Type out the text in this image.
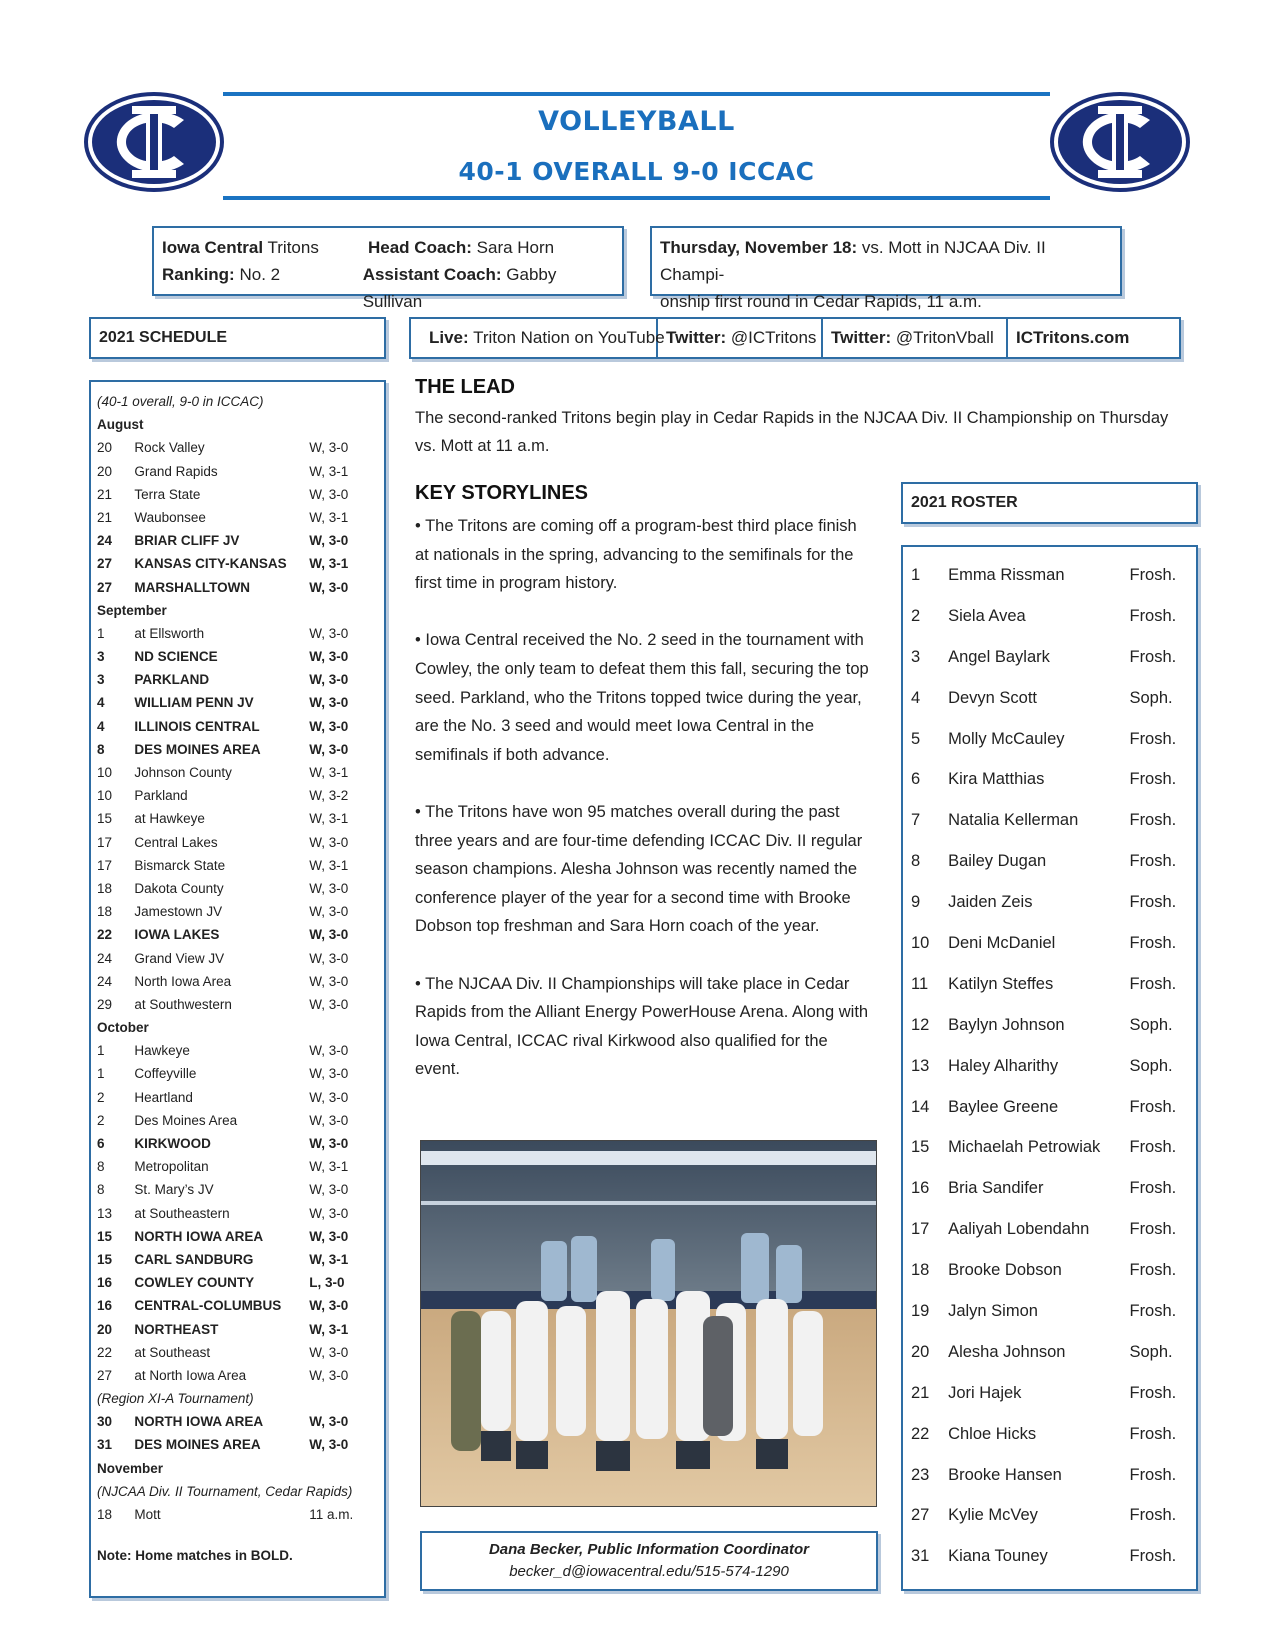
VOLLEYBALL
40-1 OVERALL 9-0 ICCAC
Iowa Central Tritons	Head Coach: Sara Horn
Ranking: No. 2	Assistant Coach: Gabby Sullivan
Thursday, November 18: vs. Mott in NJCAA Div. II Champi-
onship first round in Cedar Rapids, 11 a.m.
2021 SCHEDULE	Live: Triton Nation on YouTube Twitter: @ICTritons Twitter: @TritonVball	ICTritons.com
(40-1 overall, 9-0 in ICCAC)
August
20	Rock Valley	W, 3-0
20	Grand Rapids	W, 3-1
21	Terra State	W, 3-0
21	Waubonsee	W, 3-1
24	BRIAR CLIFF JV	W, 3-0
27	KANSAS CITY-KANSAS	W, 3-1
27	MARSHALLTOWN	W, 3-0
September
1	at Ellsworth	W, 3-0
3	ND SCIENCE	W, 3-0
3	PARKLAND	W, 3-0
4	WILLIAM PENN JV	W, 3-0
4	ILLINOIS CENTRAL	W, 3-0
8	DES MOINES AREA	W, 3-0
10	Johnson County	W, 3-1
10	Parkland	W, 3-2
15	at Hawkeye	W, 3-1
17	Central Lakes	W, 3-0
17	Bismarck State	W, 3-1
18	Dakota County	W, 3-0
18	Jamestown JV	W, 3-0
22	IOWA LAKES	W, 3-0
24	Grand View JV	W, 3-0
24	North Iowa Area	W, 3-0
29	at Southwestern	W, 3-0
October
1	Hawkeye	W, 3-0
1	Coffeyville	W, 3-0
2	Heartland	W, 3-0
2	Des Moines Area	W, 3-0
6	KIRKWOOD	W, 3-0
8	Metropolitan	W, 3-1
8	St. Mary’s JV	W, 3-0
13	at Southeastern	W, 3-0
15	NORTH IOWA AREA	W, 3-0
15	CARL SANDBURG	W, 3-1
16	COWLEY COUNTY	L, 3-0
16	CENTRAL-COLUMBUS	W, 3-0
20	NORTHEAST	W, 3-1
22	at Southeast	W, 3-0
27	at North Iowa Area	W, 3-0
(Region XI-A Tournament)
30	NORTH IOWA AREA	W, 3-0
31	DES MOINES AREA	W, 3-0
November
(NJCAA Div. II Tournament, Cedar Rapids)
18	Mott	11 a.m.
Note: Home matches in BOLD.
THE LEAD
The second-ranked Tritons begin play in Cedar Rapids in the NJCAA Div. II Championship on Thursday vs. Mott at 11 a.m.
KEY STORYLINES

• The Tritons are coming off a program-best third place finish at nationals in the spring, advancing to the semifinals for the first time in program history.

• Iowa Central received the No. 2 seed in the tournament with Cowley, the only team to defeat them this fall, securing the top seed. Parkland, who the Tritons topped twice during the year, are the No. 3 seed and would meet Iowa Central in the semifinals if both advance.

• The Tritons have won 95 matches overall during the past three years and are four-time defending ICCAC Div. II regular season champions. Alesha Johnson was recently named the conference player of the year for a second time with Brooke Dobson top freshman and Sara Horn coach of the year.

• The NJCAA Div. II Championships will take place in Cedar Rapids from the Alliant Energy PowerHouse Arena. Along with Iowa Central, ICCAC rival Kirkwood also qualified for the event.

Dana Becker, Public Information Coordinator
becker_d@iowacentral.edu/515-574-1290
2021 ROSTER
1	Emma Rissman	Frosh.
2	Siela Avea	Frosh.
3	Angel Baylark	Frosh.
4	Devyn Scott	Soph.
5	Molly McCauley	Frosh.
6	Kira Matthias	Frosh.
7	Natalia Kellerman	Frosh.
8	Bailey Dugan	Frosh.
9	Jaiden Zeis	Frosh.
10	Deni McDaniel	Frosh.
11	Katilyn Steffes	Frosh.
12	Baylyn Johnson	Soph.
13	Haley Alharithy	Soph.
14	Baylee Greene	Frosh.
15	Michaelah Petrowiak	Frosh.
16	Bria Sandifer	Frosh.
17	Aaliyah Lobendahn	Frosh.
18	Brooke Dobson	Frosh.
19	Jalyn Simon	Frosh.
20	Alesha Johnson	Soph.
21	Jori Hajek	Frosh.
22	Chloe Hicks	Frosh.
23	Brooke Hansen	Frosh.
27	Kylie McVey	Frosh.
31	Kiana Touney	Frosh.
